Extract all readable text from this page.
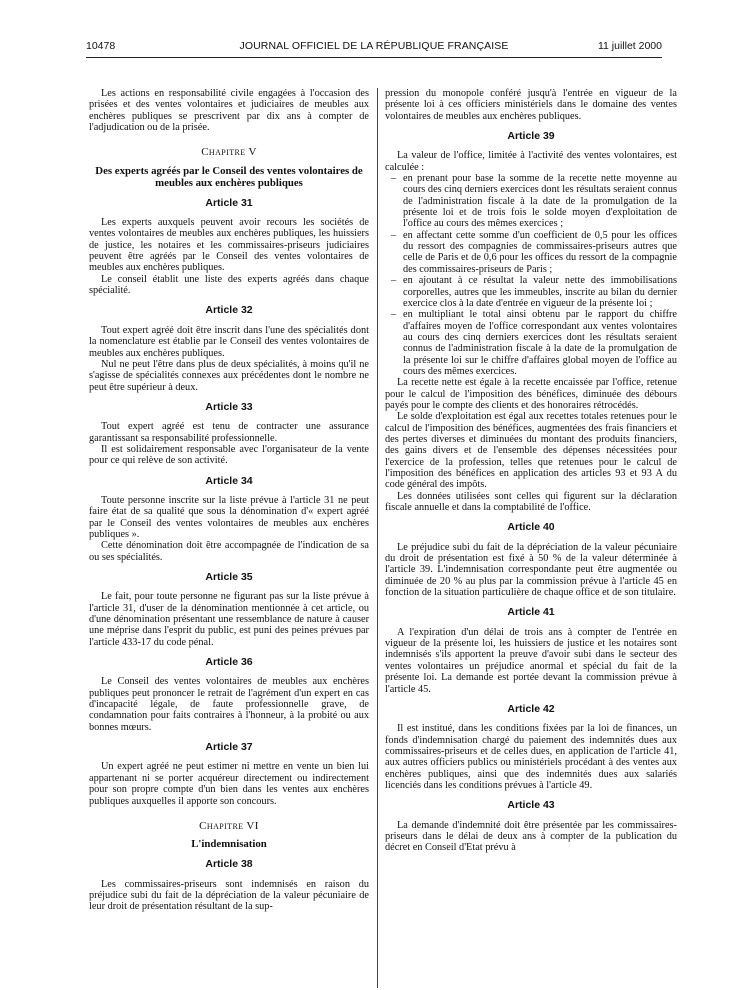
10478	JOURNAL OFFICIEL DE LA RÉPUBLIQUE FRANÇAISE	11 juillet 2000

Les actions en responsabilité civile engagées à l'occasion des prisées et des ventes volontaires et judiciaires de meubles aux enchères publiques se prescrivent par dix ans à compter de l'adjudication ou de la prisée.

Chapitre V
Des experts agréés par le Conseil des ventes volontaires de meubles aux enchères publiques
Article 31

Les experts auxquels peuvent avoir recours les sociétés de ventes volontaires de meubles aux enchères publiques, les huissiers de justice, les notaires et les commissaires-priseurs judiciaires peuvent être agréés par le Conseil des ventes volontaires de meubles aux enchères publiques.

Le conseil établit une liste des experts agréés dans chaque spécialité.

Article 32

Tout expert agréé doit être inscrit dans l'une des spécialités dont la nomenclature est établie par le Conseil des ventes volontaires de meubles aux enchères publiques.

Nul ne peut l'être dans plus de deux spécialités, à moins qu'il ne s'agisse de spécialités connexes aux précédentes dont le nombre ne peut être supérieur à deux.

Article 33

Tout expert agréé est tenu de contracter une assurance garantissant sa responsabilité professionnelle.

Il est solidairement responsable avec l'organisateur de la vente pour ce qui relève de son activité.

Article 34

Toute personne inscrite sur la liste prévue à l'article 31 ne peut faire état de sa qualité que sous la dénomination d'« expert agréé par le Conseil des ventes volontaires de meubles aux enchères publiques ».

Cette dénomination doit être accompagnée de l'indication de sa ou ses spécialités.

Article 35

Le fait, pour toute personne ne figurant pas sur la liste prévue à l'article 31, d'user de la dénomination mentionnée à cet article, ou d'une dénomination présentant une ressemblance de nature à causer une méprise dans l'esprit du public, est puni des peines prévues par l'article 433-17 du code pénal.

Article 36

Le Conseil des ventes volontaires de meubles aux enchères publiques peut prononcer le retrait de l'agrément d'un expert en cas d'incapacité légale, de faute professionnelle grave, de condamnation pour faits contraires à l'honneur, à la probité ou aux bonnes mœurs.

Article 37

Un expert agréé ne peut estimer ni mettre en vente un bien lui appartenant ni se porter acquéreur directement ou indirectement pour son propre compte d'un bien dans les ventes aux enchères publiques auxquelles il apporte son concours.

Chapitre VI
L'indemnisation
Article 38

Les commissaires-priseurs sont indemnisés en raison du préjudice subi du fait de la dépréciation de la valeur pécuniaire de leur droit de présentation résultant de la sup-

pression du monopole conféré jusqu'à l'entrée en vigueur de la présente loi à ces officiers ministériels dans le domaine des ventes volontaires de meubles aux enchères publiques.

Article 39

La valeur de l'office, limitée à l'activité des ventes volontaires, est calculée :

– en prenant pour base la somme de la recette nette moyenne au cours des cinq derniers exercices dont les résultats seraient connus de l'administration fiscale à la date de la promulgation de la présente loi et de trois fois le solde moyen d'exploitation de l'office au cours des mêmes exercices ;
– en affectant cette somme d'un coefficient de 0,5 pour les offices du ressort des compagnies de commissaires-priseurs autres que celle de Paris et de 0,6 pour les offices du ressort de la compagnie des commissaires-priseurs de Paris ;
– en ajoutant à ce résultat la valeur nette des immobilisations corporelles, autres que les immeubles, inscrite au bilan du dernier exercice clos à la date d'entrée en vigueur de la présente loi ;
– en multipliant le total ainsi obtenu par le rapport du chiffre d'affaires moyen de l'office correspondant aux ventes volontaires au cours des cinq derniers exercices dont les résultats seraient connus de l'administration fiscale à la date de la promulgation de la présente loi sur le chiffre d'affaires global moyen de l'office au cours des mêmes exercices.

La recette nette est égale à la recette encaissée par l'office, retenue pour le calcul de l'imposition des bénéfices, diminuée des débours payés pour le compte des clients et des honoraires rétrocédés.

Le solde d'exploitation est égal aux recettes totales retenues pour le calcul de l'imposition des bénéfices, augmentées des frais financiers et des pertes diverses et diminuées du montant des produits financiers, des gains divers et de l'ensemble des dépenses nécessitées pour l'exercice de la profession, telles que retenues pour le calcul de l'imposition des bénéfices en application des articles 93 et 93 A du code général des impôts.

Les données utilisées sont celles qui figurent sur la déclaration fiscale annuelle et dans la comptabilité de l'office.

Article 40

Le préjudice subi du fait de la dépréciation de la valeur pécuniaire du droit de présentation est fixé à 50 % de la valeur déterminée à l'article 39. L'indemnisation correspondante peut être augmentée ou diminuée de 20 % au plus par la commission prévue à l'article 45 en fonction de la situation particulière de chaque office et de son titulaire.

Article 41

A l'expiration d'un délai de trois ans à compter de l'entrée en vigueur de la présente loi, les huissiers de justice et les notaires sont indemnisés s'ils apportent la preuve d'avoir subi dans le secteur des ventes volontaires un préjudice anormal et spécial du fait de la présente loi. La demande est portée devant la commission prévue à l'article 45.

Article 42

Il est institué, dans les conditions fixées par la loi de finances, un fonds d'indemnisation chargé du paiement des indemnités dues aux commissaires-priseurs et de celles dues, en application de l'article 41, aux autres officiers publics ou ministériels procédant à des ventes aux enchères publiques, ainsi que des indemnités dues aux salariés licenciés dans les conditions prévues à l'article 49.

Article 43

La demande d'indemnité doit être présentée par les commissaires-priseurs dans le délai de deux ans à compter de la publication du décret en Conseil d'Etat prévu à
